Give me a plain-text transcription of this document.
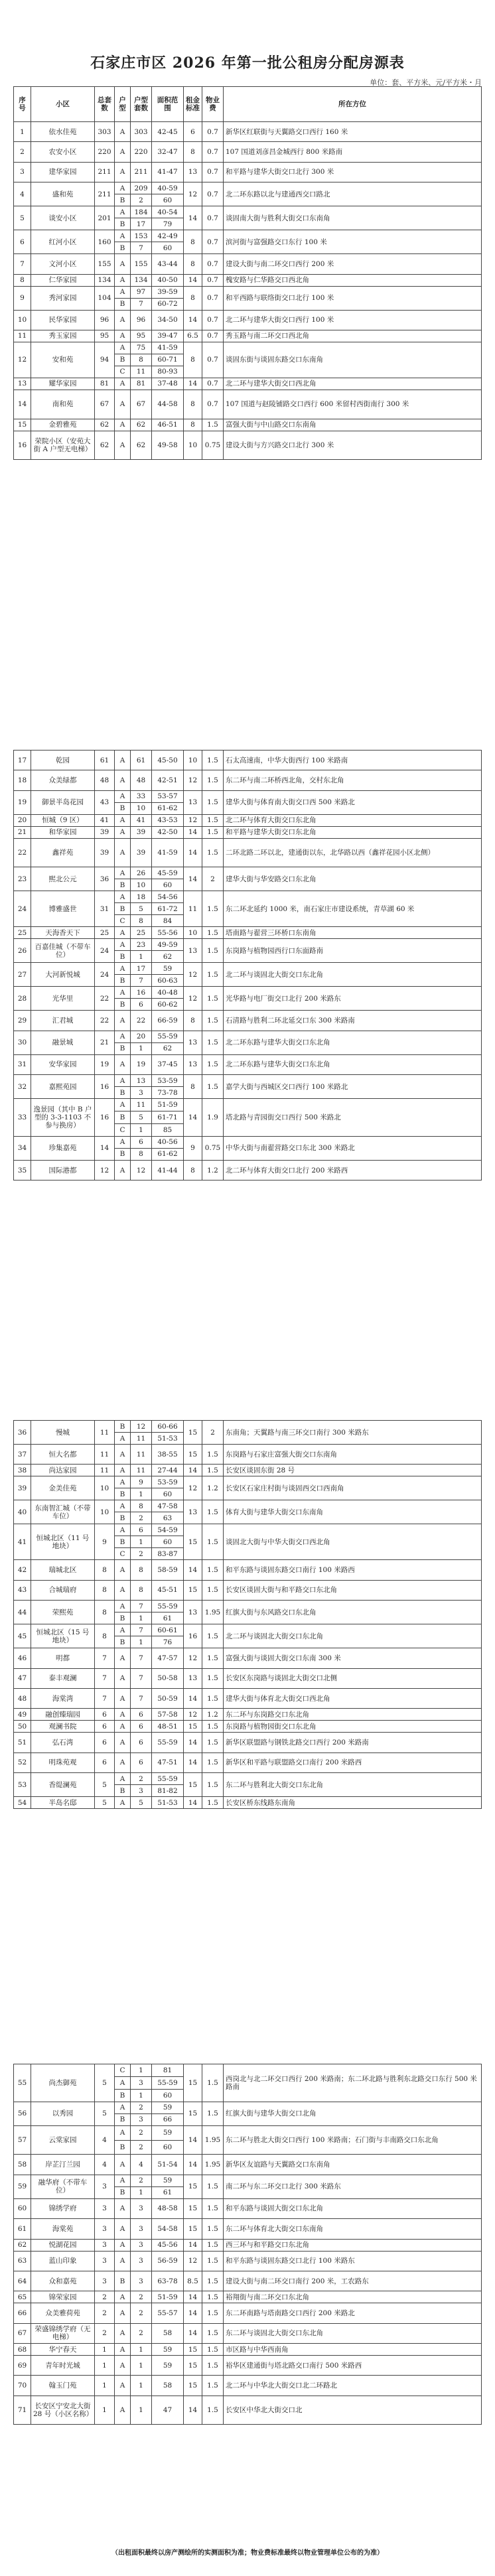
石家庄市区 2026 年第一批公租房分配房源表
单位：套、平方米、元/平方米・月
序号	小区	总套数	户型	户型套数	面积范围	租金标准	物业费	所在方位
1	依水佳苑	303	A	303	42-45	6	0.7	新华区红联街与天翼路交口西行 160 米
2	农安小区	220	A	220	32-47	8	0.7	107 国道刘彦昌金城西行 800 米路南
3	建华家园	211	A	211	41-47	13	0.7	和平路与建华大街交口北行 300 米
4	盛和苑	211	A	209	40-59	12	0.7	北二环东路以北与建通西交口路北
			B	2	60			
5	谈安小区	201	A	184	40-54	14	0.7	谈固南大街与胜利大街交口东南角
			B	17	79			
6	红河小区	160	A	153	42-49	8	0.7	滨河街与富强路交口东行 100 米
			B	7	60			
7	文河小区	155	A	155	43-44	8	0.7	建设大街与南二环交口西行 200 米
8	仁华家园	134	A	134	40-50	14	0.7	槐安路与仁华路交口西北角
9	秀河家园	104	A	97	39-59	8	0.7	和平西路与联络街交口北行 100 米
			B	7	60-72			
10	民华家园	96	A	96	34-50	14	0.7	北二环与建华大街交口西行 100 米
11	秀玉家园	95	A	95	39-47	6.5	0.7	秀玉路与南二环交口西北角
12	安和苑	94	A	75	41-59	8	0.7	谈固东街与谈固东路交口东南角
			B	8	60-71			
			C	11	80-93			
13	耀华家园	81	A	81	37-48	14	0.7	北二环与建华大街交口西北角
14	南和苑	67	A	67	44-58	8	0.7	107 国道与赵陵铺路交口西行 600 米留村西街南行 300 米
15	金碧雅苑	62	A	62	46-51	8	1.5	富强大街与中山路交口东南角
16	荣院小区（安苑大街 A 户型无电梯）	62	A	62	49-58	10	0.75	建设大街与方兴路交口北行 300 米
17	乾园	61	A	61	45-50	10	1.5	石太高速南，中华大街西行 100 米路南
18	众美绿都	48	A	48	42-51	12	1.5	东二环与南二环桥西北角，交村东北角
19	御景半岛花园	43	A	33	53-57	13	1.5	建华大街与体育南大街交口西 500 米路北
			B	10	61-62			
20	恒城（9 区）	41	A	41	43-53	12	1.5	北二环与体育大街交口东北角
21	和华家园	39	A	39	42-50	14	1.5	和平路与建华大街交口东北角
22	鑫祥苑	39	A	39	41-59	14	1.5	二环北路二环以北，建通街以东，北华路以西（鑫祥花园小区北侧）
23	熙北公元	36	A	26	45-59	14	2	建华大街与华安路交口东北角
			B	10	60			
24	博雅盛世	31	A	18	54-56	11	1.5	东二环北延约 1000 米，南石家庄市建设系统，青草湖 60 米
			B	5	61-72			
			C	8	84			
25	天海香天下	25	A	25	55-56	10	1.5	塔南路与翟营三环桥口东南角
26	百嘉佳城（不带车位）	24	A	23	49-59	13	1.5	东岗路与植物园西行口东面路南
			B	1	62			
27	大河新悦城	24	A	17	59	12	1.5	北二环与谈固北大街交口东北角
			B	7	60-63			
28	光华里	22	A	16	40-48	12	1.5	光华路与电厂街交口北行 200 米路东
			B	6	60-62			
29	汇君城	22	A	22	66-59	8	1.5	石清路与胜利二环北延交口东 300 米路南
30	融景城	21	A	20	55-59	13	1.5	北二环东路与建华大街交口东北角
			B	1	62			
31	安华家园	19	A	19	37-45	13	1.5	北二环东路与建华大街交口东北角
32	嘉熙苑园	16	A	13	53-59	8	1.5	嘉学大街与西城区交口西行 100 米路北
			B	3	73-78			
33	逸景园（其中 B 户型的 3-3-1103 不参与换房）	16	A	11	51-59	14	1.9	塔北路与青园街交口西行 500 米路北
			B	5	61-71			
			C	1	85			
34	珍集嘉苑	14	A	6	40-56	9	0.75	中华大街与南翟营路交口东北 300 米路北
			B	8	61-62			
35	国际港都	12	A	12	41-44	8	1.2	北二环与体育大街交口北行 200 米路西
36	慢城	11	B	12	60-66	15	2	东南角；天翼路与南三环交口南行 300 米路东
			A	11	51-53			
37	恒大名都	11	A	11	38-55	15	1.5	东岗路与石家庄富强大街交口东南角
38	尚达家园	11	A	11	27-44	14	1.5	长安区谈固东街 28 号
39	金美佳苑	10	A	9	53-59	12	1.2	长安区石家庄村街与谈固西交口西南角
			B	1	60			
40	东南智汇城（不带车位）	10	A	8	47-58	13	1.5	体育大街与建华大街交口东南角
			B	2	63			
41	恒城北区（11 号地块）	9	A	6	54-59	15	1.5	谈固北大街与中华大街交口西北角
			B	1	60			
			C	2	83-87			
42	瑞城北区	8	A	8	58-59	14	1.5	和平东路与谈固东路交口南行 100 米路西
43	合城瑞府	8	A	8	45-51	15	1.5	长安区谈固大街与和平路交口东北角
44	荣熙苑	8	A	7	55-59	13	1.95	红旗大街与东风路交口东北角
			B	1	61			
45	恒城北区（15 号地块）	8	A	7	60-61	16	1.5	北二环与谈固北大街交口东北角
			B	1	76			
46	明都	7	A	7	47-57	12	1.5	富强大街与谈固大街交口东南 300 米
47	泰丰观澜	7	A	7	50-58	13	1.5	长安区东岗路与谈固北大街交口北侧
48	海棠湾	7	A	7	50-59	14	1.5	建华大街与体育北大街交口西北角
49	融创臻瑞园	6	A	6	57-58	12	1.2	东二环与东岗路交口东北角
50	观澜书院	6	A	6	48-51	15	1.5	东岗路与植物园街交口东北角
51	弘石湾	6	A	6	55-59	14	1.5	新华区联盟路与钢铁北路交口西行 200 米路南
52	明珠苑观	6	A	6	47-51	14	1.5	新华区和平路与联盟路交口南行 200 米路西
53	香缇澜苑	5	A	2	55-59	15	1.5	东二环与胜利北大街交口东北角
			B	3	81-82			
54	半岛名邸	5	A	5	51-53	14	1.5	长安区桥东线路东南角
55	尚杰御苑	5	C	1	81	15	1.5	西岗北与北二环交口西行 200 米路南；东二环北路与胜利东北路交口东行 500 米路南
			A	3	55-59			
			B	1	60			
56	以秀园	5	A	2	59	15	1.5	红旗大街与建华大街交口北角
			B	3	66			
57	云棠家园	4	A	2	59	14	1.95	东二环与胜北大街交口西行 100 米路南；石门街与丰南路交口东北角
			B	2	60			
58	岸芷汀兰园	4	A	4	51-54	14	1.95	新华区友谊路与天翼路交口东南角
59	融华府（不带车位）	3	A	2	59	15	1.5	南二环与东二环交口北行 300 米路东
			B	1	61			
60	锦绣学府	3	A	3	48-58	15	1.5	和平东路与谈固大街交口东北角
61	海棠苑	3	A	3	54-58	15	1.5	东二环与体育北大街交口东南角
62	悦湖花园	3	A	3	45-56	14	1.5	西三环与和平路交口东北角
63	蓝山印象	3	A	3	56-59	12	1.5	和平东路与谈固东路交口北行 100 米路东
64	众和嘉苑	3	B	3	63-78	8.5	1.5	建设大街与南二环交口南行 200 米，工农路东
65	锦荣家园	2	A	2	51-59	14	1.5	裕翔街与南二环交口东北角
66	众美雅荷苑	2	A	2	55-57	14	1.5	东二环南路与塔南路交口西行 200 米路北
67	荣盛锦绣学府（无电梯）	2	A	2	58	14	1.5	东二环与谈固北大街交口东北角
68	华宁春天	1	A	1	59	15	1.5	市区路与中华西南角
69	青年时光城	1	A	1	59	15	1.5	裕华区建通街与塔北路交口南行 500 米路西
70	翰玉门苑	1	A	1	58	15	1.5	北二环与中华北大街交口北二环路北
71	长安区宁安北大街 28 号（小区名称）	1	A	1	47	14	1.5	长安区中华北大街交口北
（出租面积最终以房产测绘所的实测面积为准；物业费标准最终以物业管理单位公布的为准）
